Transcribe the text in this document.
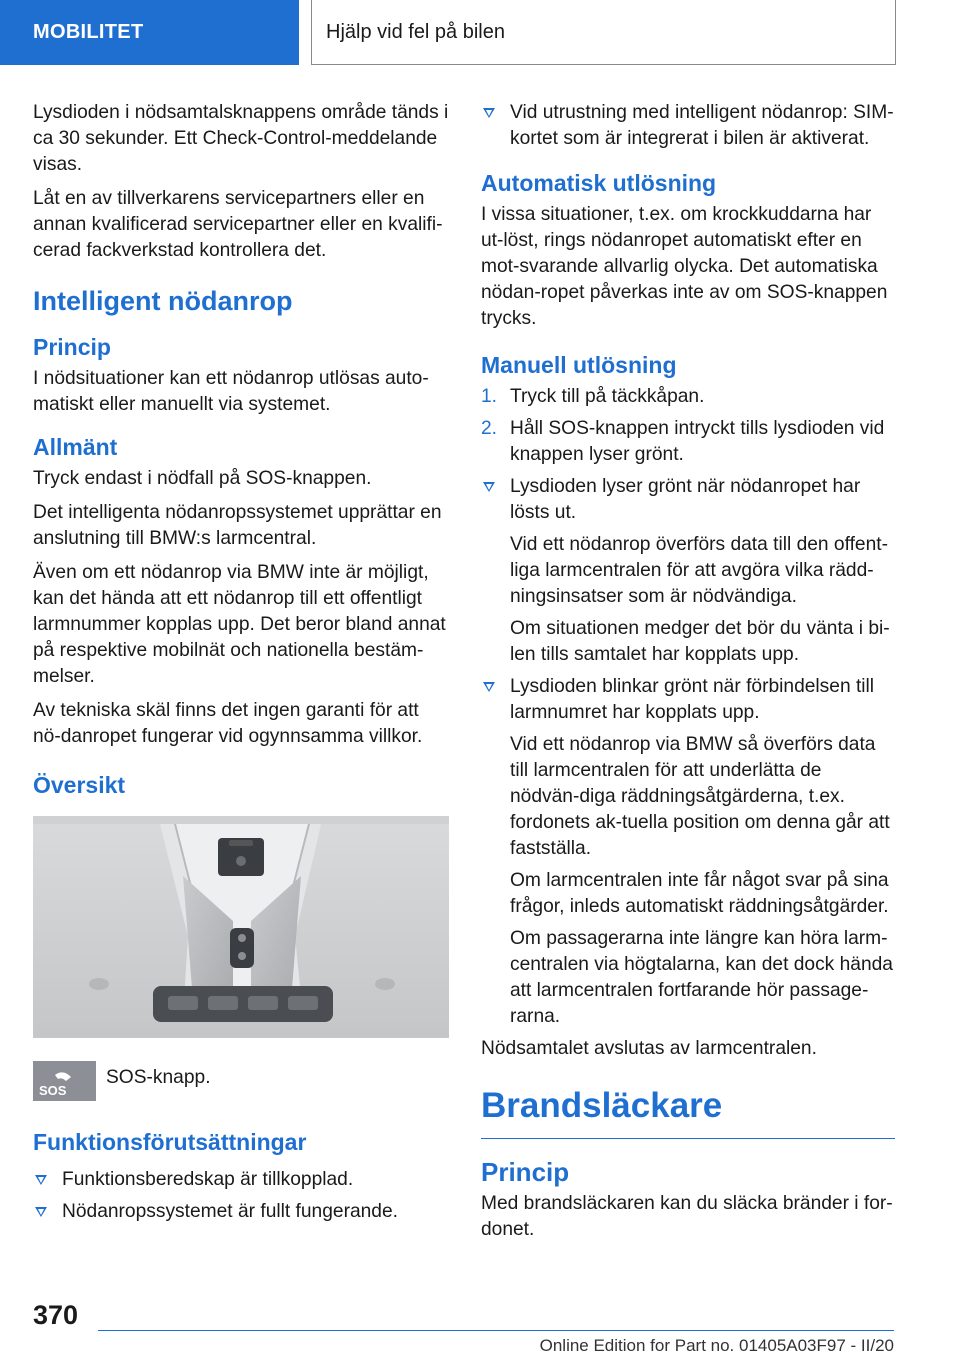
MOBILITET	Hjälp vid fel på bilen

Lysdioden i nödsamtalsknappens område tänds i ca 30 sekunder. Ett Check-Control-meddelande visas.

Låt en av tillverkarens servicepartners eller en annan kvalificerad servicepartner eller en kvalifi-cerad fackverkstad kontrollera det.

Intelligent nödanrop
Princip

I nödsituationer kan ett nödanrop utlösas auto-matiskt eller manuellt via systemet.

Allmänt

Tryck endast i nödfall på SOS-knappen.

Det intelligenta nödanropssystemet upprättar en anslutning till BMW:s larmcentral.

Även om ett nödanrop via BMW inte är möjligt, kan det hända att ett nödanrop till ett offentligt larmnummer kopplas upp. Det beror bland annat på respektive mobilnät och nationella bestäm-melser.

Av tekniska skäl finns det ingen garanti för att nö-danropet fungerar vid ogynnsamma villkor.

Översikt
SOS

SOS-knapp.

Funktionsförutsättningar

Funktionsberedskap är tillkopplad.

Nödanropssystemet är fullt fungerande.

Vid utrustning med intelligent nödanrop: SIM-kortet som är integrerat i bilen är aktiverat.

Automatisk utlösning

I vissa situationer, t.ex. om krockkuddarna har ut-löst, rings nödanropet automatiskt efter en mot-svarande allvarlig olycka. Det automatiska nödan-ropet påverkas inte av om SOS-knappen trycks.

Manuell utlösning
1. Tryck till på täckkåpan.

2. Håll SOS-knappen intryckt tills lysdioden vid knappen lyser grönt.

Lysdioden lyser grönt när nödanropet har lösts ut.

Vid ett nödanrop överförs data till den offent-liga larmcentralen för att avgöra vilka rädd-ningsinsatser som är nödvändiga.

Om situationen medger det bör du vänta i bi-len tills samtalet har kopplats upp.

Lysdioden blinkar grönt när förbindelsen till larmnumret har kopplats upp.

Vid ett nödanrop via BMW så överförs data till larmcentralen för att underlätta de nödvän-diga räddningsåtgärderna, t.ex. fordonets ak-tuella position om denna går att fastställa.

Om larmcentralen inte får något svar på sina frågor, inleds automatiskt räddningsåtgärder.

Om passagerarna inte längre kan höra larm-centralen via högtalarna, kan det dock hända att larmcentralen fortfarande hör passage-rarna.

Nödsamtalet avslutas av larmcentralen.

Brandsläckare
Princip

Med brandsläckaren kan du släcka bränder i for-donet.

370
Online Edition for Part no. 01405A03F97 - II/20
